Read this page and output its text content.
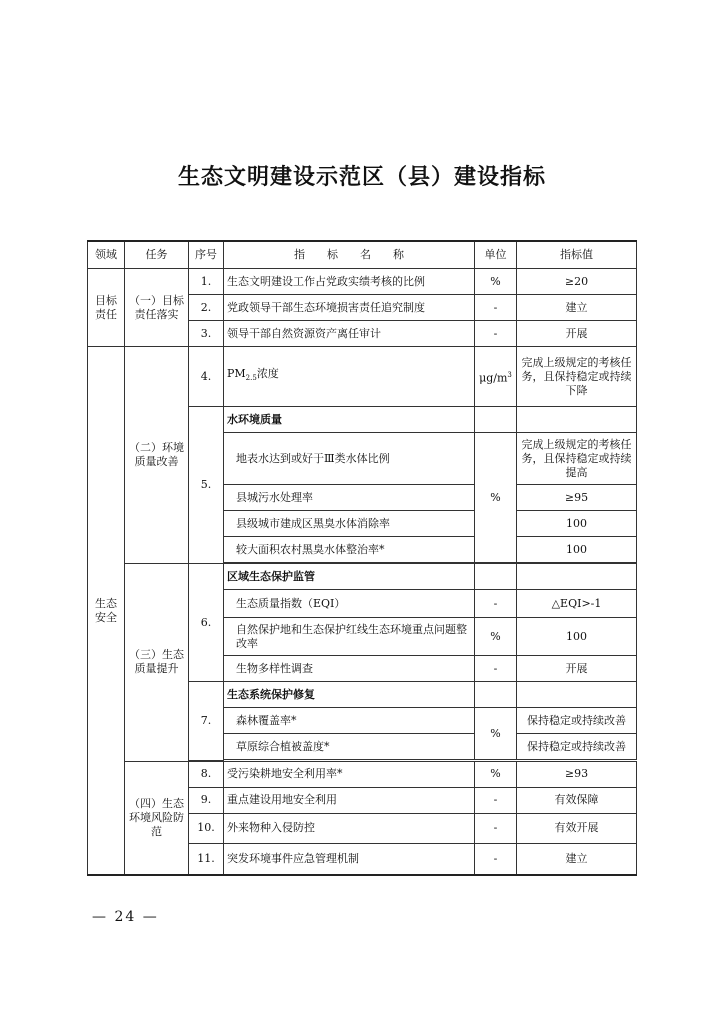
生态文明建设示范区（县）建设指标
领域	任务	序号	指　　标　　名　　称	单位	指标值
目标责任	（一）目标责任落实	1.	生态文明建设工作占党政实绩考核的比例	%	≥20
		2.	党政领导干部生态环境损害责任追究制度	-	建立
		3.	领导干部自然资源资产离任审计	-	开展
生态安全	（二）环境质量改善	4.	$PM_{2.5}$浓度	$\mu g/m^3$	完成上级规定的考核任务，且保持稳定或持续下降
		5.	水环境质量		
			地表水达到或好于Ⅲ类水体比例	%	完成上级规定的考核任务，且保持稳定或持续提高
			县城污水处理率		≥95
			县级城市建成区黑臭水体消除率		100
			较大面积农村黑臭水体整治率*		100

	（三）生态质量提升	6.	区域生态保护监管		
			生态质量指数（EQI）	-	△EQI>-1
			自然保护地和生态保护红线生态环境重点问题整改率	%	100
			生物多样性调查	-	开展
		7.	生态系统保护修复		
			森林覆盖率*	%	保持稳定或持续改善
			草原综合植被盖度*		保持稳定或持续改善

	（四）生态环境风险防范	8.	受污染耕地安全利用率*	%	≥93
		9.	重点建设用地安全利用	-	有效保障
		10.	外来物种入侵防控	-	有效开展
		11.	突发环境事件应急管理机制	-	建立
— 24 —
